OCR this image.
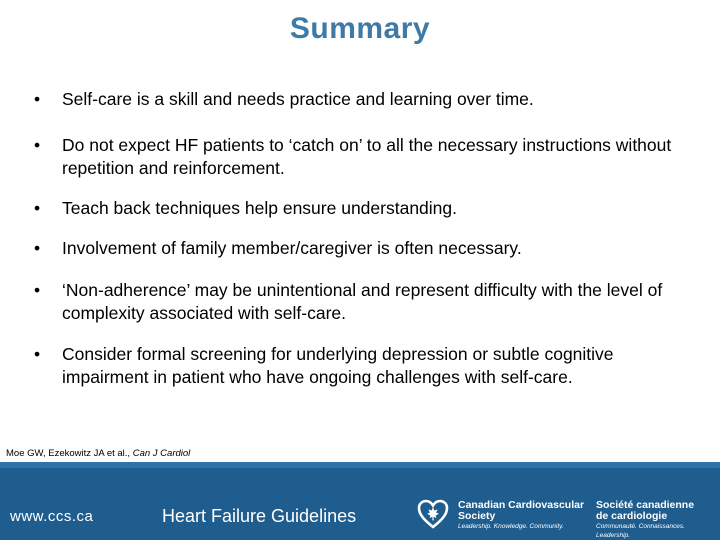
Summary
•	Self-care is a skill and needs practice and learning over time.
•	Do not expect HF patients to ‘catch on’ to all the necessary instructions without repetition and reinforcement.
•	Teach back techniques help ensure understanding.
•	Involvement of family member/caregiver is often necessary.
•	‘Non-adherence’ may be unintentional and represent difficulty with the level of complexity associated with self-care.
•	Consider formal screening for underlying depression or subtle cognitive impairment in patient who have ongoing challenges with self-care.
Moe GW, Ezekowitz JA et al., Can J Cardiol
www.ccs.ca	Heart Failure Guidelines
Canadian Cardiovascular
Society
Leadership. Knowledge. Community.
Société canadienne
de cardiologie
Communauté. Connaissances. Leadership.
